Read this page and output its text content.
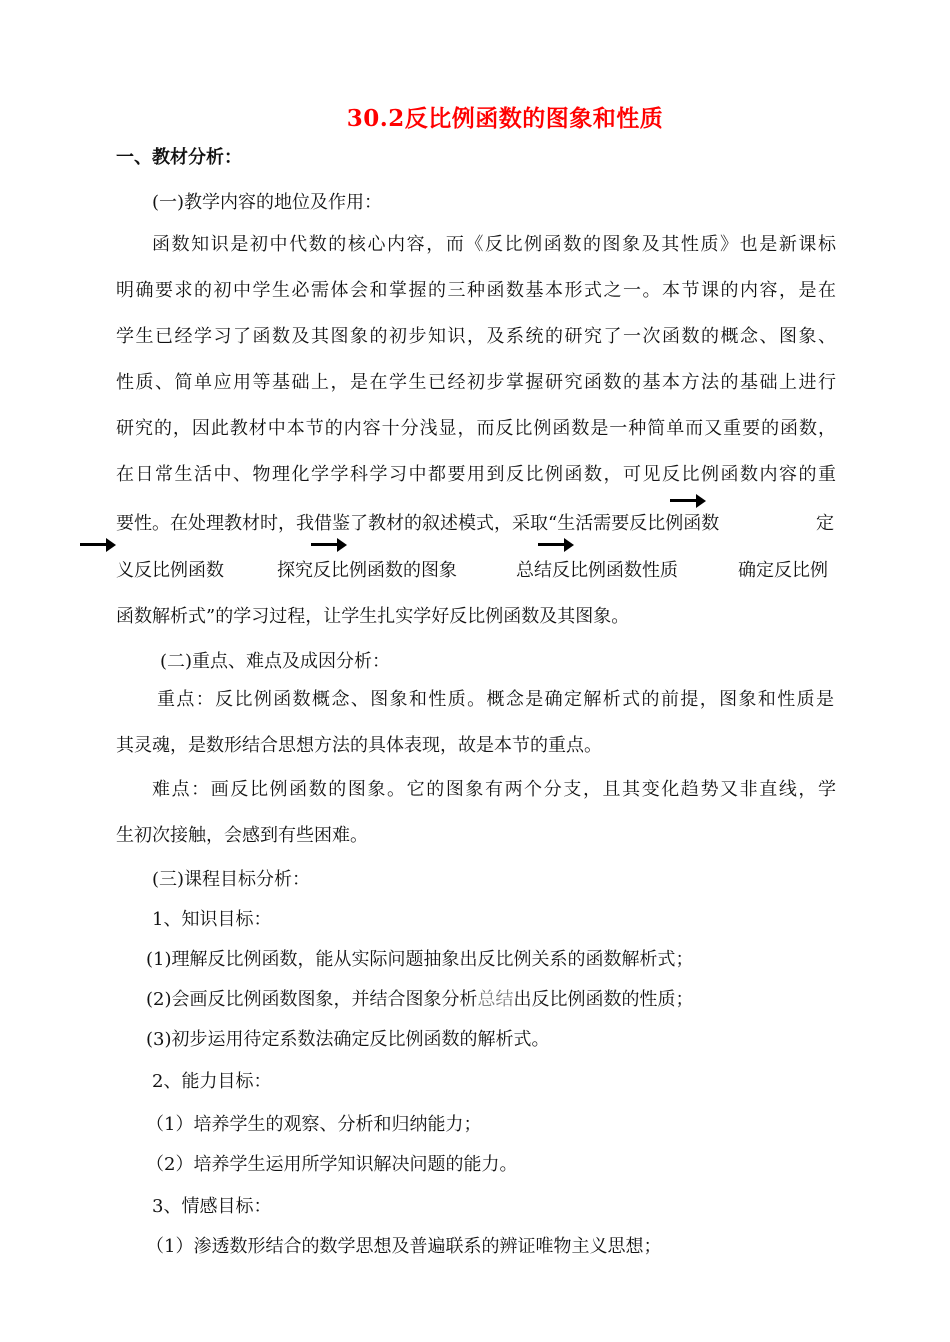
30.2反比例函数的图象和性质
一、教材分析：
(一)教学内容的地位及作用：
函数知识是初中代数的核心内容，而《反比例函数的图象及其性质》也是新课标
明确要求的初中学生必需体会和掌握的三种函数基本形式之一。本节课的内容，是在
学生已经学习了函数及其图象的初步知识，及系统的研究了一次函数的概念、图象、
性质、简单应用等基础上，是在学生已经初步掌握研究函数的基本方法的基础上进行
研究的，因此教材中本节的内容十分浅显，而反比例函数是一种简单而又重要的函数，
在日常生活中、物理化学学科学习中都要用到反比例函数，可见反比例函数内容的重
要性。在处理教材时，我借鉴了教材的叙述模式，采取“生活需要反比例函数	定
义反比例函数	探究反比例函数的图象	总结反比例函数性质	确定反比例
函数解析式”的学习过程，让学生扎实学好反比例函数及其图象。
(二)重点、难点及成因分析：
重点：反比例函数概念、图象和性质。概念是确定解析式的前提，图象和性质是
其灵魂，是数形结合思想方法的具体表现，故是本节的重点。
难点：画反比例函数的图象。它的图象有两个分支，且其变化趋势又非直线，学
生初次接触，会感到有些困难。
(三)课程目标分析：
1、知识目标：
(1)理解反比例函数，能从实际问题抽象出反比例关系的函数解析式；
(2)会画反比例函数图象，并结合图象分析总结出反比例函数的性质；
(3)初步运用待定系数法确定反比例函数的解析式。
2、能力目标：
（1）培养学生的观察、分析和归纳能力；
（2）培养学生运用所学知识解决问题的能力。
3、情感目标：
（1）渗透数形结合的数学思想及普遍联系的辨证唯物主义思想；
